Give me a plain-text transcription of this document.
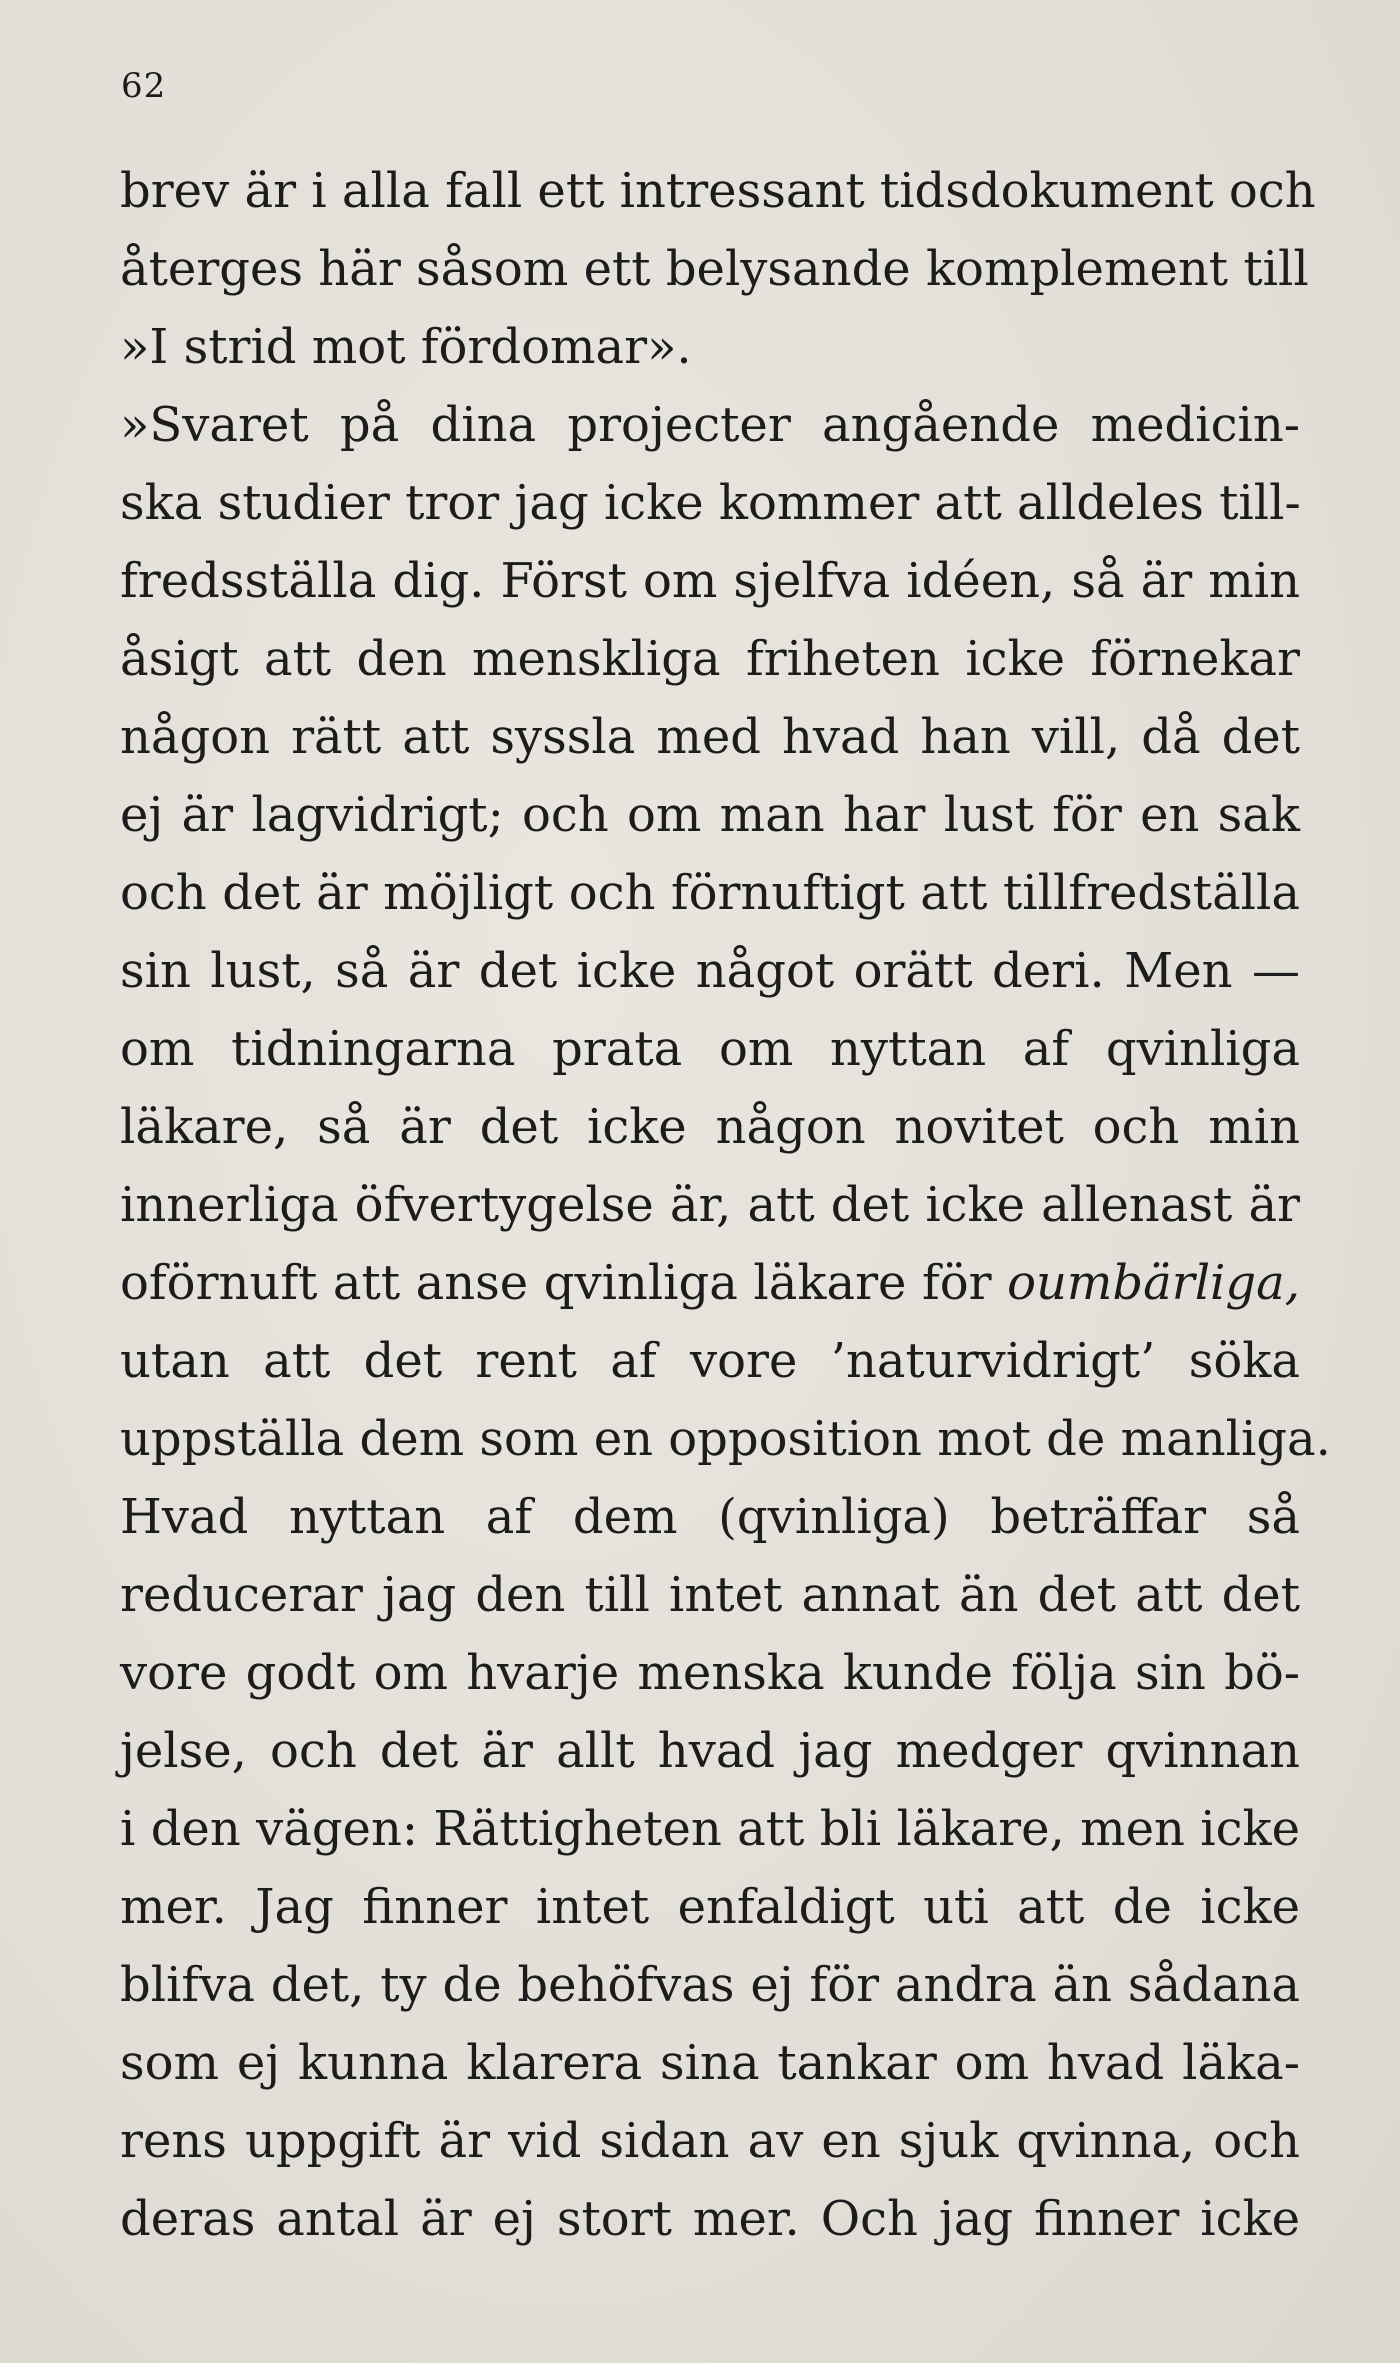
62
brev är i alla fall ett intressant tidsdokument och
återges här såsom ett belysande komplement till
»I strid mot fördomar».
»Svaret på dina projecter angående medicin-
ska studier tror jag icke kommer att alldeles till-
fredsställa dig. Först om sjelfva idéen, så är min
åsigt att den menskliga friheten icke förnekar
någon rätt att syssla med hvad han vill, då det
ej är lagvidrigt; och om man har lust för en sak
och det är möjligt och förnuftigt att tillfredställa
sin lust, så är det icke något orätt deri. Men —
om tidningarna prata om nyttan af qvinliga
läkare, så är det icke någon novitet och min
innerliga öfvertygelse är, att det icke allenast är
oförnuft att anse qvinliga läkare för oumbärliga,
utan att det rent af vore ’naturvidrigt’ söka
uppställa dem som en opposition mot de manliga.
Hvad nyttan af dem (qvinliga) beträffar så
reducerar jag den till intet annat än det att det
vore godt om hvarje menska kunde följa sin bö-
jelse, och det är allt hvad jag medger qvinnan
i den vägen: Rättigheten att bli läkare, men icke
mer. Jag finner intet enfaldigt uti att de icke
blifva det, ty de behöfvas ej för andra än sådana
som ej kunna klarera sina tankar om hvad läka-
rens uppgift är vid sidan av en sjuk qvinna, och
deras antal är ej stort mer. Och jag finner icke
